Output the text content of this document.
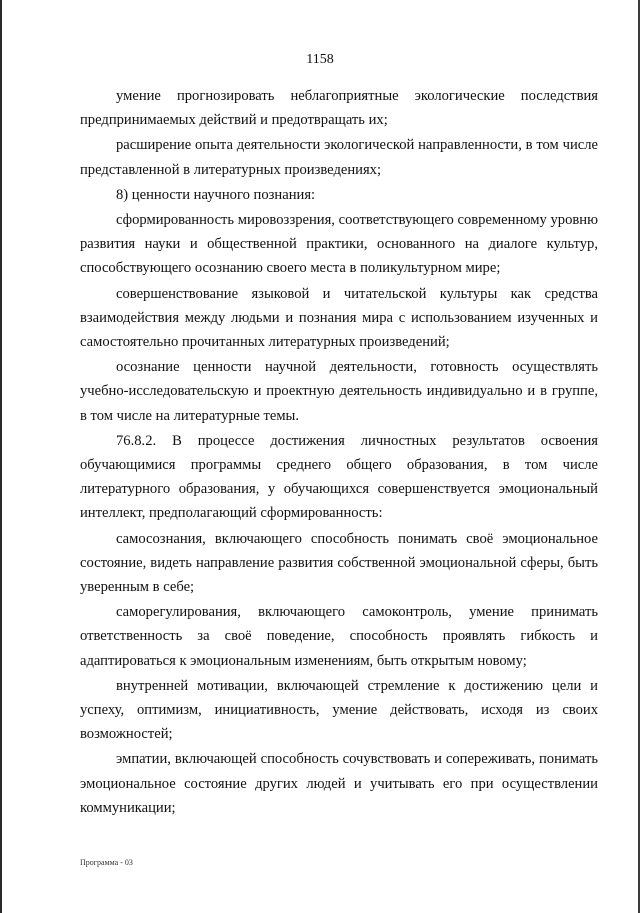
1158

умение прогнозировать неблагоприятные экологические последствия предпринимаемых действий и предотвращать их;

расширение опыта деятельности экологической направленности, в том числе представленной в литературных произведениях;

8) ценности научного познания:

сформированность мировоззрения, соответствующего современному уровню развития науки и общественной практики, основанного на диалоге культур, способствующего осознанию своего места в поликультурном мире;

совершенствование языковой и читательской культуры как средства взаимодействия между людьми и познания мира с использованием изученных и самостоятельно прочитанных литературных произведений;

осознание ценности научной деятельности, готовность осуществлять учебно-исследовательскую и проектную деятельность индивидуально и в группе, в том числе на литературные темы.

76.8.2. В процессе достижения личностных результатов освоения обучающимися программы среднего общего образования, в том числе литературного образования, у обучающихся совершенствуется эмоциональный интеллект, предполагающий сформированность:

самосознания, включающего способность понимать своё эмоциональное состояние, видеть направление развития собственной эмоциональной сферы, быть уверенным в себе;

саморегулирования, включающего самоконтроль, умение принимать ответственность за своё поведение, способность проявлять гибкость и адаптироваться к эмоциональным изменениям, быть открытым новому;

внутренней мотивации, включающей стремление к достижению цели и успеху, оптимизм, инициативность, умение действовать, исходя из своих возможностей;

эмпатии, включающей способность сочувствовать и сопереживать, понимать эмоциональное состояние других людей и учитывать его при осуществлении коммуникации;

Программа - 03
